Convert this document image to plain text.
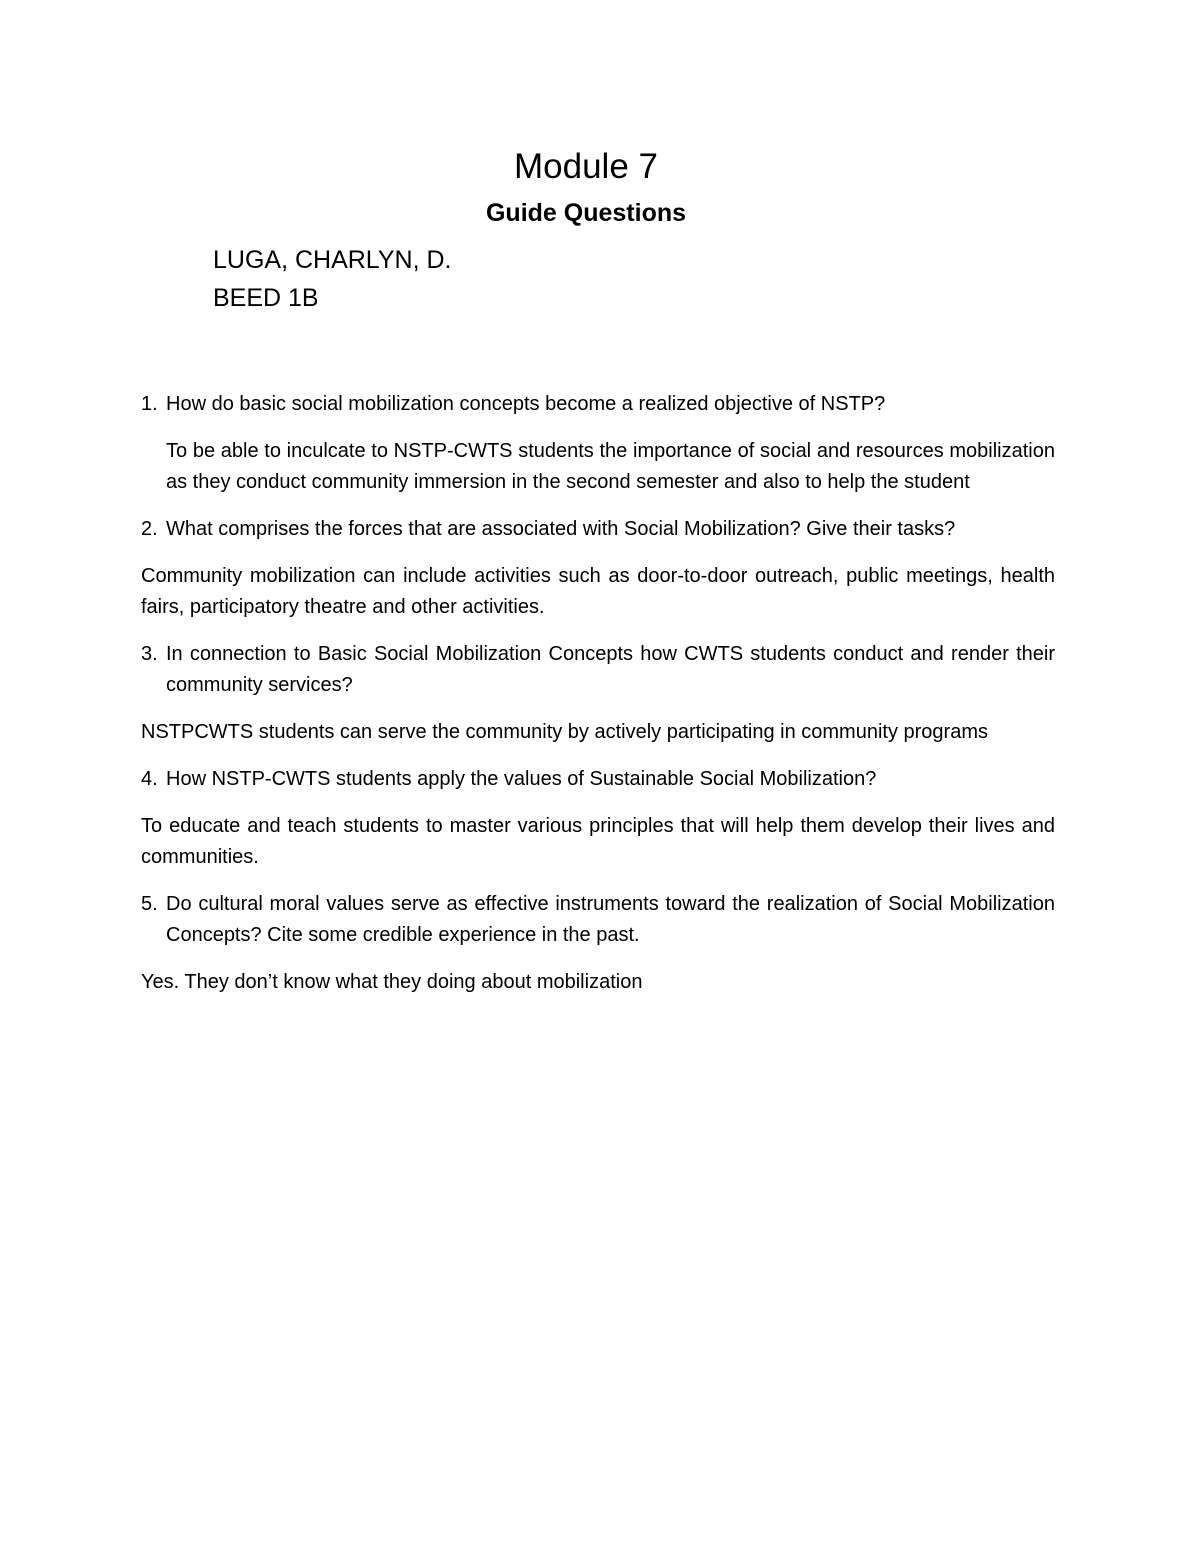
Module 7
Guide Questions

LUGA, CHARLYN, D.

BEED 1B

1. How do basic social mobilization concepts become a realized objective of NSTP?

To be able to inculcate to NSTP-CWTS students the importance of social and resources mobilization as they conduct community immersion in the second semester and also to help the student

2. What comprises the forces that are associated with Social Mobilization? Give their tasks?

Community mobilization can include activities such as door-to-door outreach, public meetings, health fairs, participatory theatre and other activities.

3. In connection to Basic Social Mobilization Concepts how CWTS students conduct and render their community services?

NSTPCWTS students can serve the community by actively participating in community programs

4. How NSTP-CWTS students apply the values of Sustainable Social Mobilization?

To educate and teach students to master various principles that will help them develop their lives and communities.

5. Do cultural moral values serve as effective instruments toward the realization of Social Mobilization Concepts? Cite some credible experience in the past.

Yes. They don’t know what they doing about mobilization
